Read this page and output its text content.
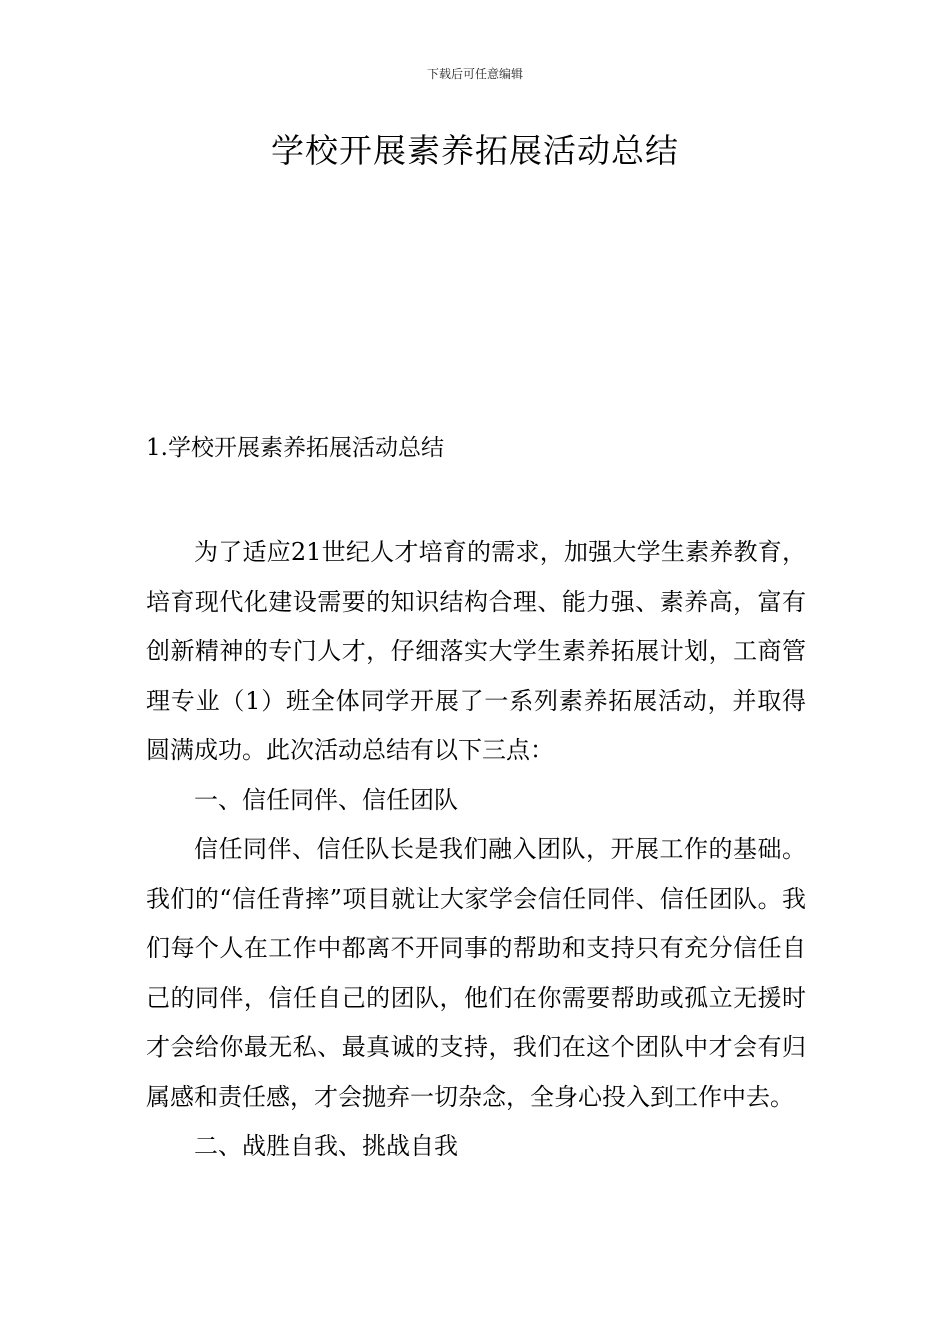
下载后可任意编辑
学校开展素养拓展活动总结
1.学校开展素养拓展活动总结

为了适应21世纪人才培育的需求，加强大学生素养教育，培育现代化建设需要的知识结构合理、能力强、素养高，富有创新精神的专门人才，仔细落实大学生素养拓展计划，工商管理专业（1）班全体同学开展了一系列素养拓展活动，并取得圆满成功。此次活动总结有以下三点：

一、信任同伴、信任团队

信任同伴、信任队长是我们融入团队，开展工作的基础。我们的“信任背摔”项目就让大家学会信任同伴、信任团队。我们每个人在工作中都离不开同事的帮助和支持只有充分信任自己的同伴，信任自己的团队，他们在你需要帮助或孤立无援时才会给你最无私、最真诚的支持，我们在这个团队中才会有归属感和责任感，才会抛弃一切杂念，全身心投入到工作中去。

二、战胜自我、挑战自我
